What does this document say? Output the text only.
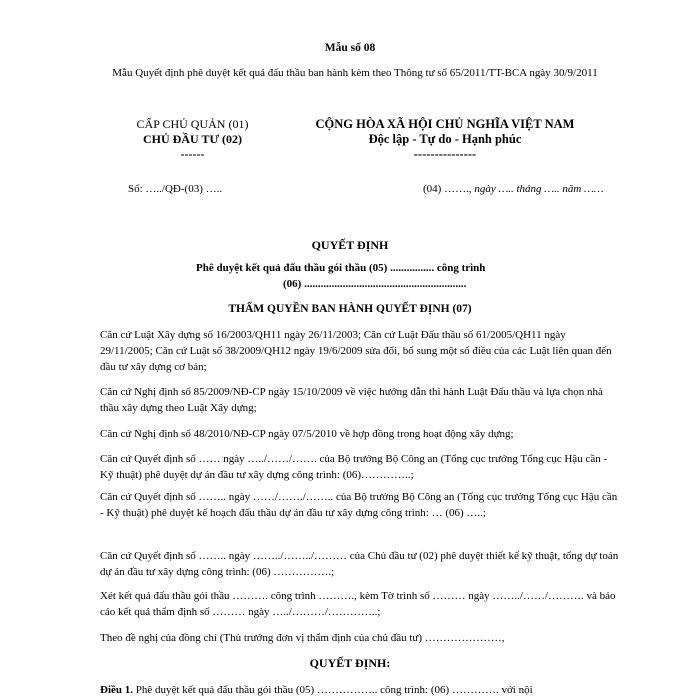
Mẫu số 08
Mẫu Quyết định phê duyệt kết quả đấu thầu ban hành kèm theo Thông tư số 65/2011/TT-BCA ngày 30/9/2011
CẤP CHỦ QUẢN (01)
CHỦ ĐẦU TƯ (02)
------
CỘNG HÒA XÃ HỘI CHỦ NGHĨA VIỆT NAM
Độc lập - Tự do - Hạnh phúc
---------------
Số: …../QĐ-(03) …..	(04) ……., ngày ….. tháng ….. năm ……
QUYẾT ĐỊNH
Phê duyệt kết quả đấu thầu gói thầu (05) ................ công trình
(06) ...........................................................
THẨM QUYỀN BAN HÀNH QUYẾT ĐỊNH (07)
Căn cứ Luật Xây dựng số 16/2003/QH11 ngày 26/11/2003; Căn cứ Luật Đấu thầu số 61/2005/QH11 ngày 29/11/2005; Căn cứ Luật số 38/2009/QH12 ngày 19/6/2009 sửa đổi, bổ sung một số điều của các Luật liên quan đến đầu tư xây dựng cơ bản;
Căn cứ Nghị định số 85/2009/NĐ-CP ngày 15/10/2009 về việc hướng dẫn thi hành Luật Đấu thầu và lựa chọn nhà thầu xây dựng theo Luật Xây dựng;
Căn cứ Nghị định số 48/2010/NĐ-CP ngày 07/5/2010 về hợp đồng trong hoạt động xây dựng;
Căn cứ Quyết định số …… ngày …../……/……. của Bộ trưởng Bộ Công an (Tổng cục trưởng Tổng cục Hậu cần - Kỹ thuật) phê duyệt dự án đầu tư xây dựng công trình: (06)…………..;
Căn cứ Quyết định số …….. ngày ……/……./…….. của Bộ trưởng Bộ Công an (Tổng cục trưởng Tổng cục Hậu cần - Kỹ thuật) phê duyệt kế hoạch đấu thầu dự án đầu tư xây dựng công trình: … (06) …..;
Căn cứ Quyết định số …….. ngày ……../……../……… của Chủ đầu tư (02) phê duyệt thiết kế kỹ thuật, tổng dự toán dự án đầu tư xây dựng công trình: (06) …………….;
Xét kết quả đấu thầu gói thầu ………. công trình ………., kèm Tờ trình số ……… ngày ……../……/………. và báo cáo kết quả thẩm định số ……… ngày …../………/…………..;
Theo đề nghị của đồng chí (Thủ trưởng đơn vị thẩm định của chủ đầu tư) …………………,
QUYẾT ĐỊNH:
Điều 1. Phê duyệt kết quả đấu thầu gói thầu (05) …………….. công trình: (06) …………. với nội
